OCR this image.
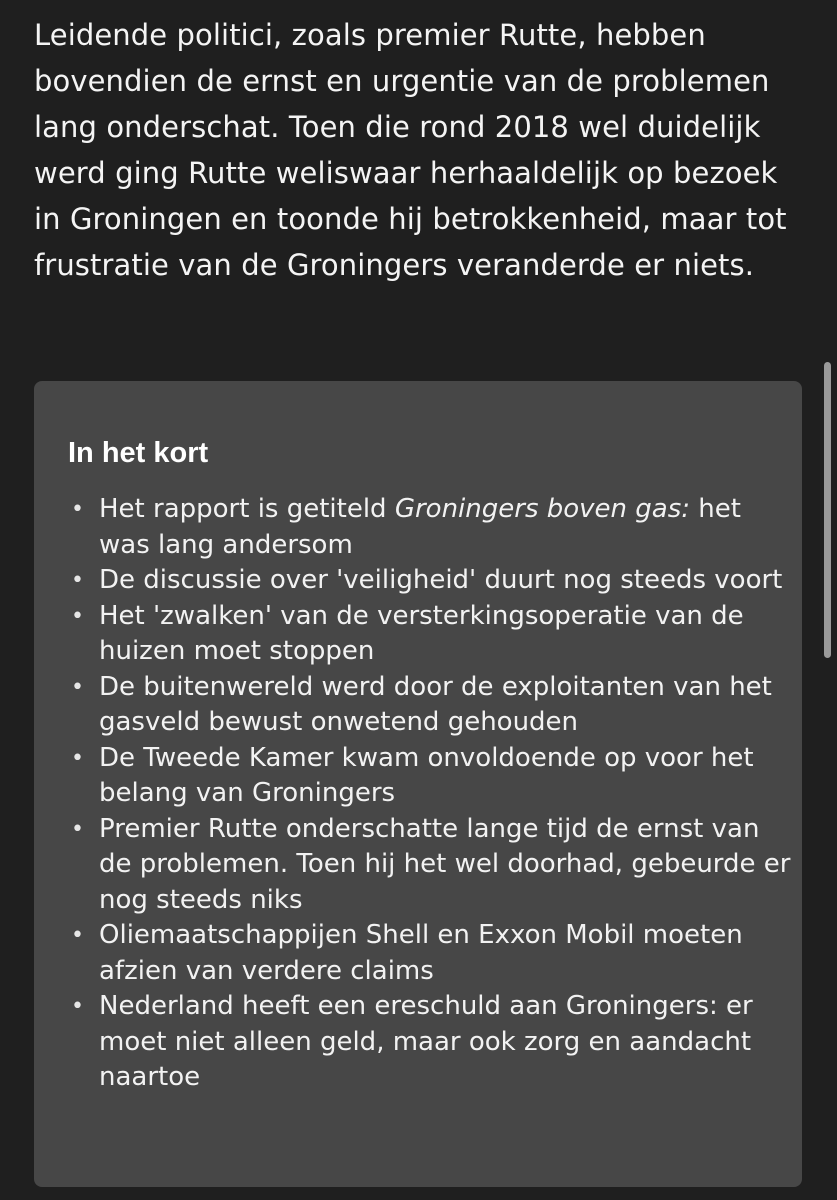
Leidende politici, zoals premier Rutte, hebben bovendien de ernst en urgentie van de problemen lang onderschat. Toen die rond 2018 wel duidelijk werd ging Rutte weliswaar herhaaldelijk op bezoek in Groningen en toonde hij betrokkenheid, maar tot frustratie van de Groningers veranderde er niets.

In het kort
• Het rapport is getiteld Groningers boven gas: het was lang andersom
• De discussie over 'veiligheid' duurt nog steeds voort
• Het 'zwalken' van de versterkingsoperatie van de huizen moet stoppen
• De buitenwereld werd door de exploitanten van het gasveld bewust onwetend gehouden
• De Tweede Kamer kwam onvoldoende op voor het belang van Groningers
• Premier Rutte onderschatte lange tijd de ernst van de problemen. Toen hij het wel doorhad, gebeurde er nog steeds niks
• Oliemaatschappijen Shell en Exxon Mobil moeten afzien van verdere claims
• Nederland heeft een ereschuld aan Groningers: er moet niet alleen geld, maar ook zorg en aandacht naartoe
